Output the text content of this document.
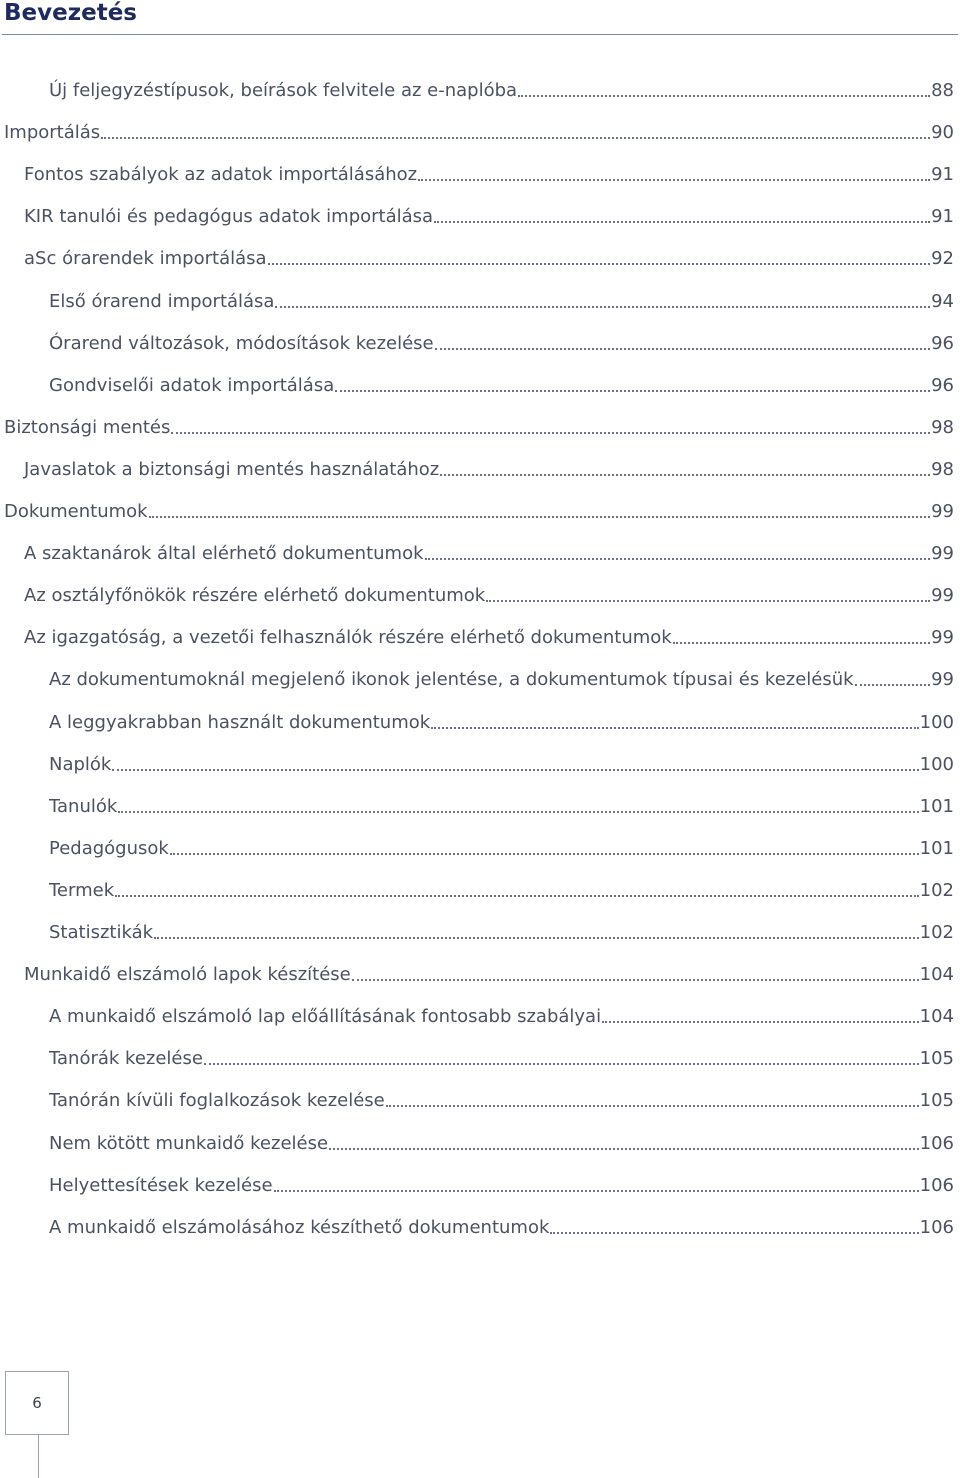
Bevezetés
Új feljegyzéstípusok, beírások felvitele az e-naplóba	88
Importálás	90
Fontos szabályok az adatok importálásához	91
KIR tanulói és pedagógus adatok importálása	91
aSc órarendek importálása	92
Első órarend importálása	94
Órarend változások, módosítások kezelése	96
Gondviselői adatok importálása	96
Biztonsági mentés	98
Javaslatok a biztonsági mentés használatához	98
Dokumentumok	99
A szaktanárok által elérhető dokumentumok	99
Az osztályfőnökök részére elérhető dokumentumok	99
Az igazgatóság, a vezetői felhasználók részére elérhető dokumentumok	99
Az dokumentumoknál megjelenő ikonok jelentése, a dokumentumok típusai és kezelésük	99
A leggyakrabban használt dokumentumok	100
Naplók	100
Tanulók	101
Pedagógusok	101
Termek	102
Statisztikák	102
Munkaidő elszámoló lapok készítése	104
A munkaidő elszámoló lap előállításának fontosabb szabályai	104
Tanórák kezelése	105
Tanórán kívüli foglalkozások kezelése	105
Nem kötött munkaidő kezelése	106
Helyettesítések kezelése	106
A munkaidő elszámolásához készíthető dokumentumok	106
6
